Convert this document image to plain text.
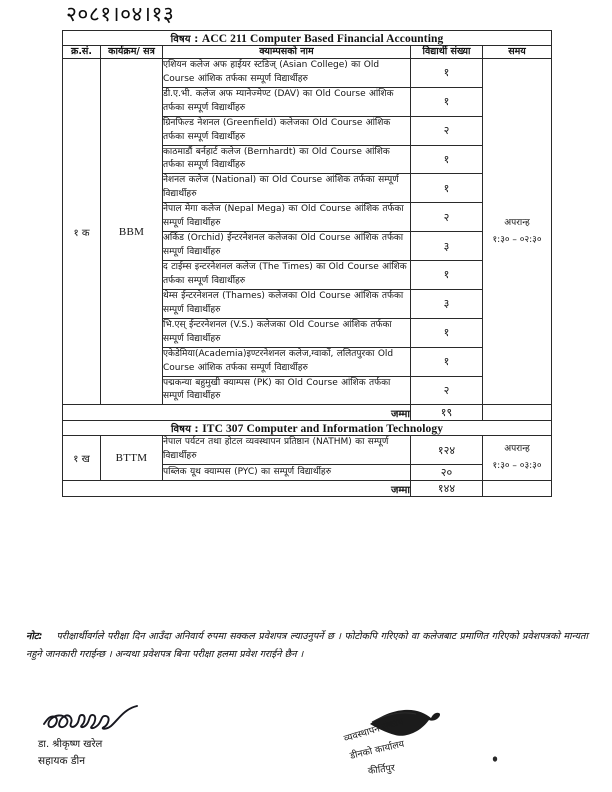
२०८१।०४।१३
विषय : ACC 211 Computer Based Financial Accounting				
क्र.सं.	कार्यक्रम/ सत्र	क्याम्पसको नाम	विद्यार्थी संख्या	समय
१ क	BBM	एशियन कलेज अफ हाईयर स्टडिज् (Asian College) का Old Course आंशिक तर्फका सम्पूर्ण विद्यार्थीहरु	१	अपरान्ह
१:३० – ०२:३०

		डी.ए.भी. कलेज अफ म्यानेज्मेण्ट (DAV) का Old Course आंशिक तर्फका सम्पूर्ण विद्यार्थीहरु	१	
		ग्रिनफिल्ड नेशनल (Greenfield) कलेजका Old Course आंशिक तर्फका सम्पूर्ण विद्यार्थीहरु	२	
		काठमाडौं बर्नहार्ट कलेज (Bernhardt) का Old Course आंशिक तर्फका सम्पूर्ण विद्यार्थीहरु	१	
		नेशनल कलेज (National) का Old Course आंशिक तर्फका सम्पूर्ण विद्यार्थीहरु	१	
		नेपाल मेगा कलेज (Nepal Mega) का Old Course आंशिक तर्फका सम्पूर्ण विद्यार्थीहरु	२	
		अर्किड (Orchid) ईन्टरनेशनल कलेजका Old Course आंशिक तर्फका सम्पूर्ण विद्यार्थीहरु	३	
		द टाईम्स इन्टरनेशनल कलेज (The Times) का Old Course आंशिक तर्फका सम्पूर्ण विद्यार्थीहरु	१	
		थेम्स ईन्टरनेशनल (Thames) कलेजका Old Course आंशिक तर्फका सम्पूर्ण विद्यार्थीहरु	३	
		भि.एस् ईन्टरनेशनल (V.S.) कलेजका Old Course आंशिक तर्फका सम्पूर्ण विद्यार्थीहरु	१	
		एकेडेमिया(Academia)इण्टरनेशनल कलेज,ग्वार्को, ललितपुरका Old Course आंशिक तर्फका सम्पूर्ण विद्यार्थीहरु	१	
		पद्मकन्या बहुमुखी क्याम्पस (PK) का Old Course आंशिक तर्फका सम्पूर्ण विद्यार्थीहरु	२	
जम्मा			१९	
विषय : ITC 307 Computer and Information Technology				
१ ख	BTTM	नेपाल पर्यटन तथा होटल व्यवस्थापन प्रतिष्ठान (NATHM) का सम्पूर्ण विद्यार्थीहरु	१२४	अपरान्ह
१:३० – ०३:३०

		पब्लिक यूथ क्याम्पस (PYC) का सम्पूर्ण विद्यार्थीहरु	२०	
जम्मा			१४४	
नोट: परीक्षार्थीवर्गले परीक्षा दिन आउँदा अनिवार्य रुपमा सक्कल प्रवेशपत्र ल्याउनुपर्ने छ । फोटोकपि गरिएको वा कलेजबाट प्रमाणित गरिएको प्रवेशपत्रको मान्यता नहुने जानकारी गराईन्छ । अन्यथा प्रवेशपत्र बिना परीक्षा हलमा प्रवेश गराईने छैन ।
डा. श्रीकृष्ण खरेल
सहायक डीन
व्यवस्थापन संकाय
डीनको कार्यालय
कीर्तिपुर
